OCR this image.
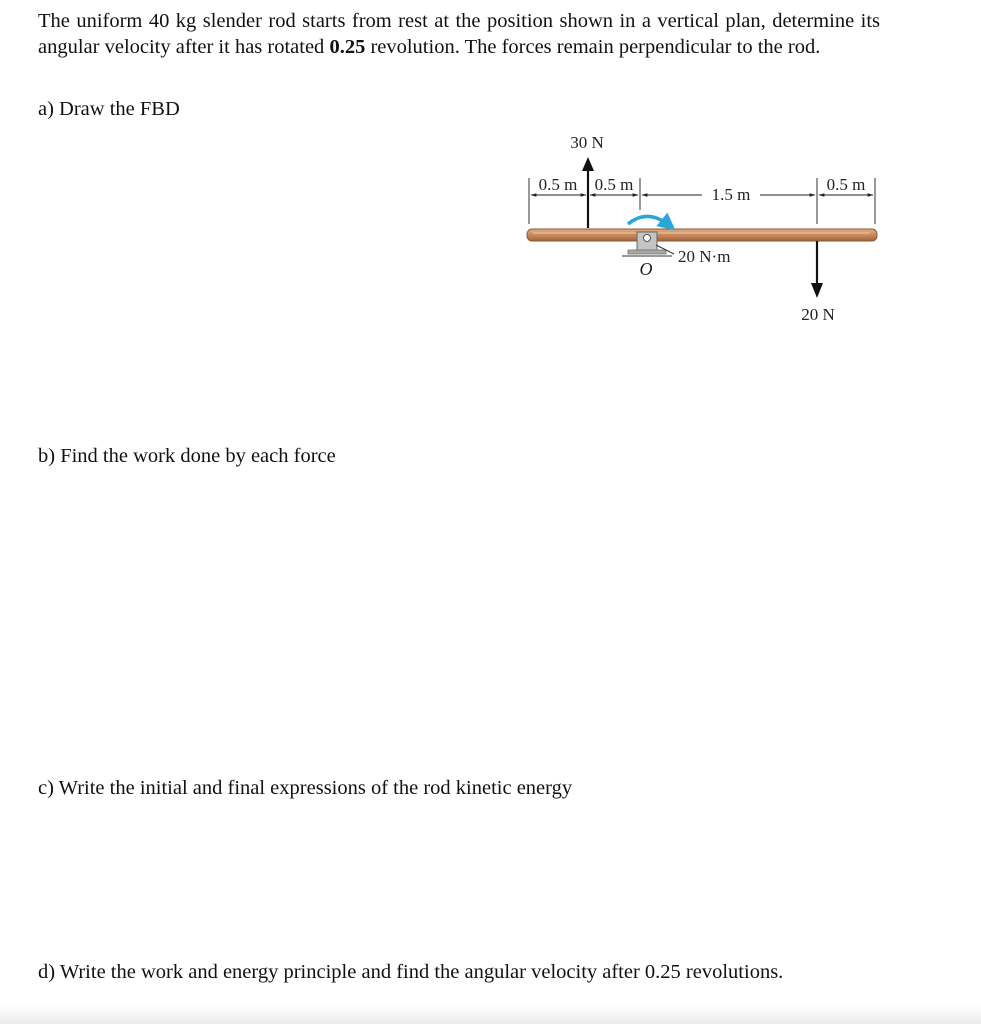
The uniform 40 kg slender rod starts from rest at the position shown in a vertical plan, determine its angular velocity after it has rotated 0.25 revolution. The forces remain perpendicular to the rod.

a) Draw the FBD

b) Find the work done by each force

c) Write the initial and final expressions of the rod kinetic energy

d) Write the work and energy principle and find the angular velocity after 0.25 revolutions.

0.5 m 0.5 m
1.5 m
0.5 m
30 N
O
20 N·m
20 N
